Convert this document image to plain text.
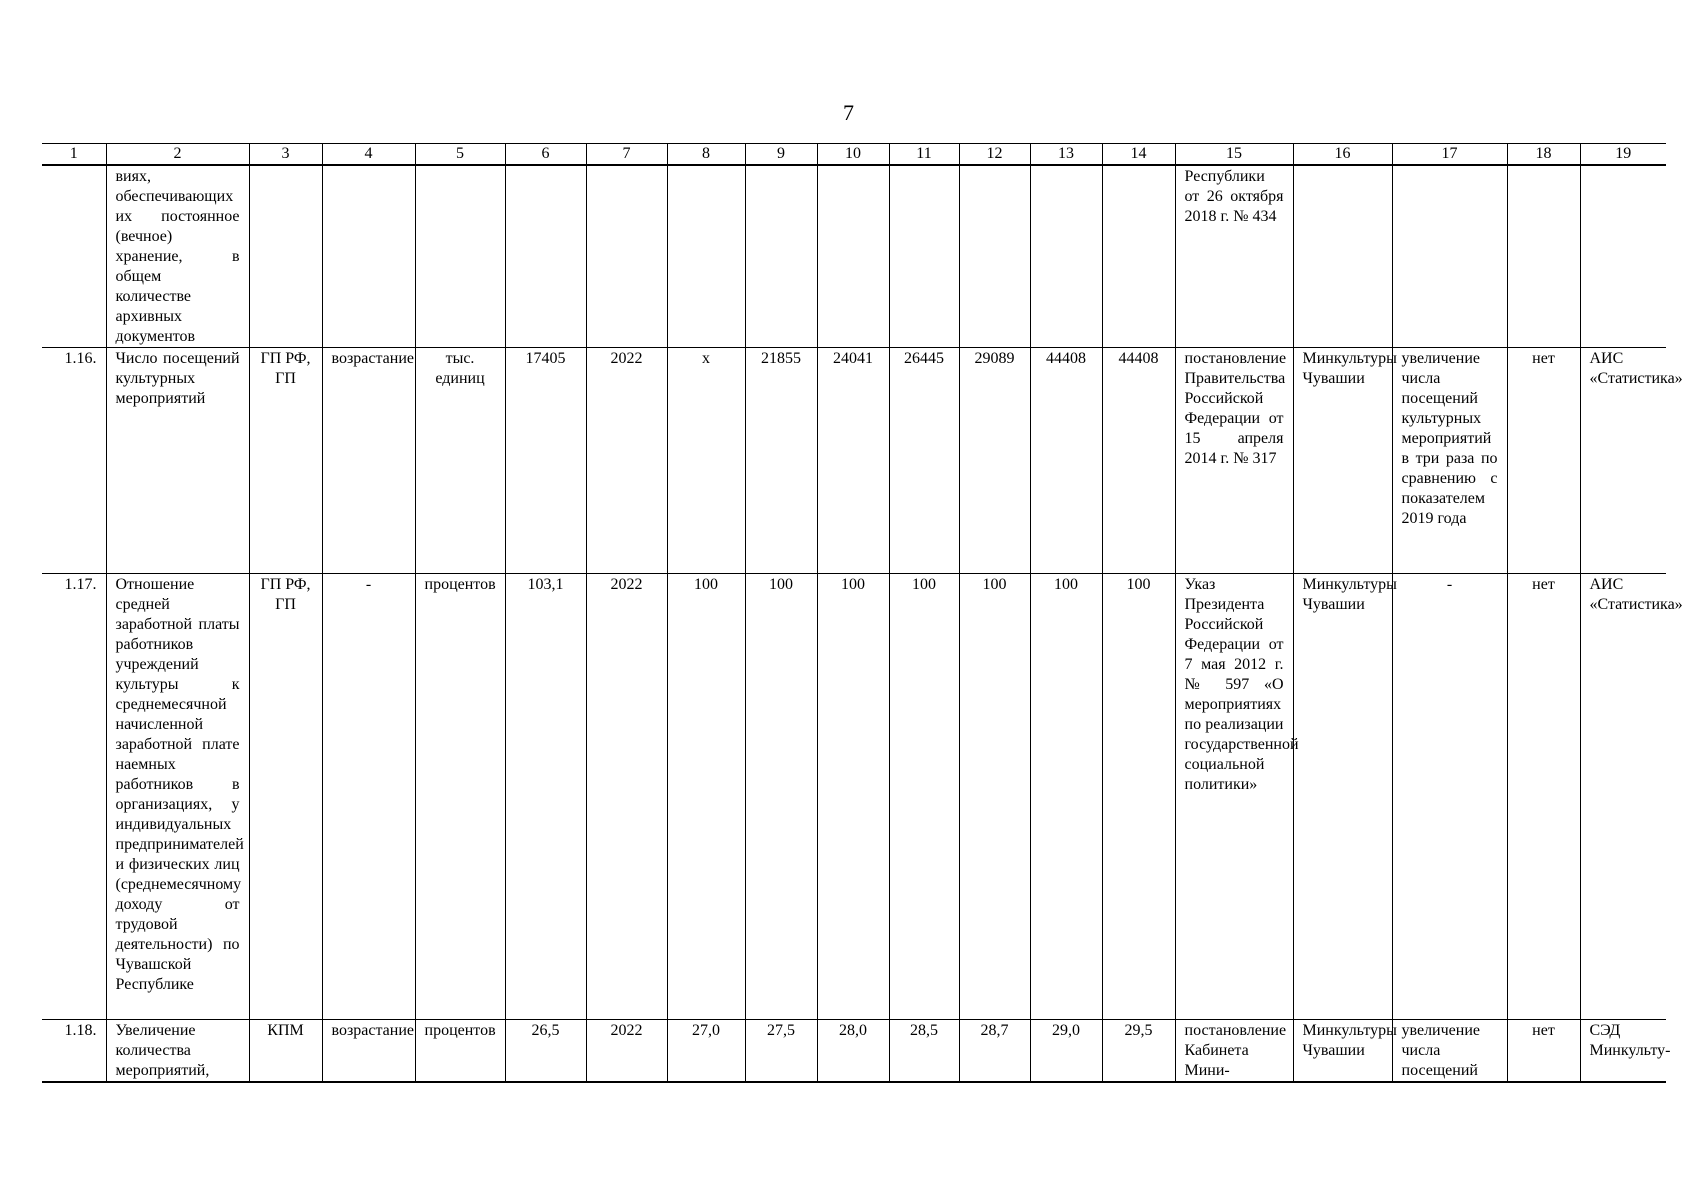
7
1	2	3	4	5	6	7	8	9	10	11	12	13	14	15	16	17	18	19
	виях, обеспечивающих их постоянное (вечное) хранение, в общем количестве архивных документов													Республики от 26 октября 2018 г. № 434				
1.16.	Число посещений культурных мероприятий	ГП РФ, ГП	возрастание	тыс. единиц	17405	2022	х	21855	24041	26445	29089	44408	44408	постановление Правительства Российской Федерации от 15 апреля 2014 г. № 317	Минкультуры Чувашии	увеличение числа посещений культурных мероприятий в три раза по сравнению с показателем 2019 года	нет	АИС «Статистика»
1.17.	Отношение средней заработной платы работников учреждений культуры к среднемесячной начисленной заработной плате наемных работников в организациях, у индивидуальных предпринимателей и физических лиц (среднемесячному доходу от трудовой деятельности) по Чувашской Республике	ГП РФ, ГП	-	процентов	103,1	2022	100	100	100	100	100	100	100	Указ Президента Российской Федерации от 7 мая 2012 г. № 597 «О мероприятиях по реализации государственной социальной политики»	Минкультуры Чувашии	-	нет	АИС «Статистика»
1.18.	Увеличение количества мероприятий,	КПМ	возрастание	процентов	26,5	2022	27,0	27,5	28,0	28,5	28,7	29,0	29,5	постановление Кабинета Мини-	Минкультуры Чувашии	увеличение числа посещений	нет	СЭД Минкульту-
